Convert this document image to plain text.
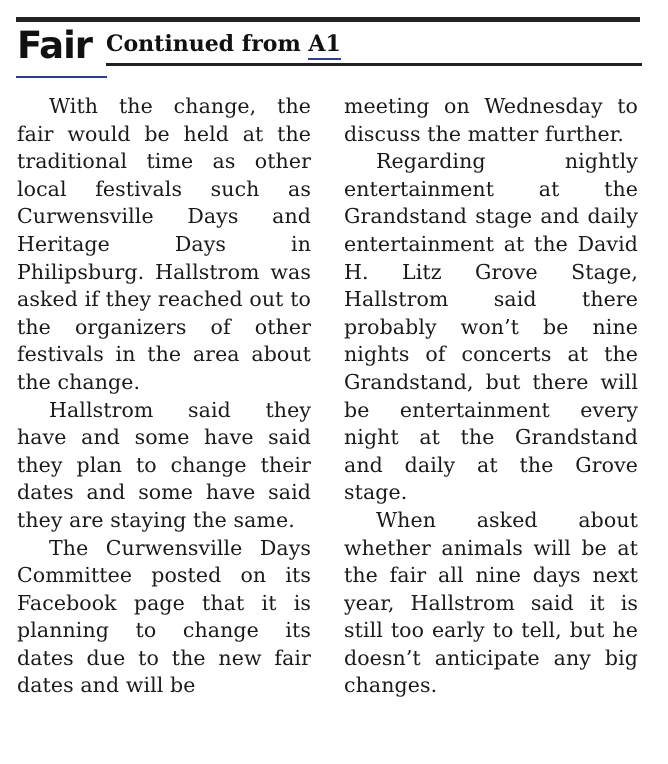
Fair Continued from A1

With the change, the fair would be held at the traditional time as other local festivals such as Curwensville Days and Heritage Days in Philipsburg. Hallstrom was asked if they reached out to the organizers of other festivals in the area about the change.

Hallstrom said they have and some have said they plan to change their dates and some have said they are staying the same.

The Curwensville Days Committee posted on its Facebook page that it is planning to change its dates due to the new fair dates and will be

meeting on Wednesday to discuss the matter further.

Regarding nightly entertainment at the Grandstand stage and daily entertainment at the David H. Litz Grove Stage, Hallstrom said there probably won’t be nine nights of concerts at the Grandstand, but there will be entertainment every night at the Grandstand and daily at the Grove stage.

When asked about whether animals will be at the fair all nine days next year, Hallstrom said it is still too early to tell, but he doesn’t anticipate any big changes.
